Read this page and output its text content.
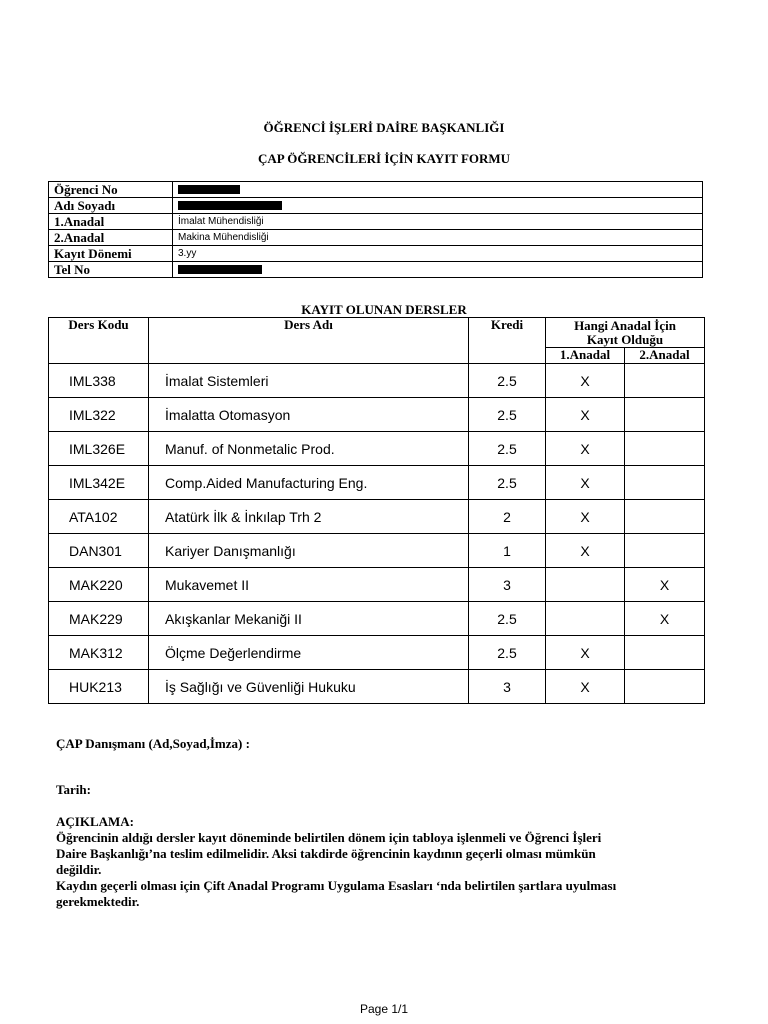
ÖĞRENCİ İŞLERİ DAİRE BAŞKANLIĞI
ÇAP ÖĞRENCİLERİ İÇİN KAYIT FORMU
Öğrenci No	
Adı Soyadı	
1.Anadal	İmalat Mühendisliği
2.Anadal	Makina Mühendisliği
Kayıt Dönemi	3.yy
Tel No	
KAYIT OLUNAN DERSLER
Ders Kodu	Ders Adı	Kredi	Hangi Anadal İçin Kayıt Olduğu	
			1.Anadal	2.Anadal
IML338	İmalat Sistemleri	2.5	X	
IML322	İmalatta Otomasyon	2.5	X	
IML326E	Manuf. of Nonmetalic Prod.	2.5	X	
IML342E	Comp.Aided Manufacturing Eng.	2.5	X	
ATA102	Atatürk İlk & İnkılap Trh 2	2	X	
DAN301	Kariyer Danışmanlığı	1	X	
MAK220	Mukavemet II	3		X
MAK229	Akışkanlar Mekaniği II	2.5		X
MAK312	Ölçme Değerlendirme	2.5	X	
HUK213	İş Sağlığı ve Güvenliği Hukuku	3	X	
ÇAP Danışmanı (Ad,Soyad,İmza) :
Tarih:
AÇIKLAMA:
Öğrencinin aldığı dersler kayıt döneminde belirtilen dönem için tabloya işlenmeli ve Öğrenci İşleri
Daire Başkanlığı’na teslim edilmelidir. Aksi takdirde öğrencinin kaydının geçerli olması mümkün
değildir.
Kaydın geçerli olması için Çift Anadal Programı Uygulama Esasları ‘nda belirtilen şartlara uyulması
gerekmektedir.
Page 1/1
